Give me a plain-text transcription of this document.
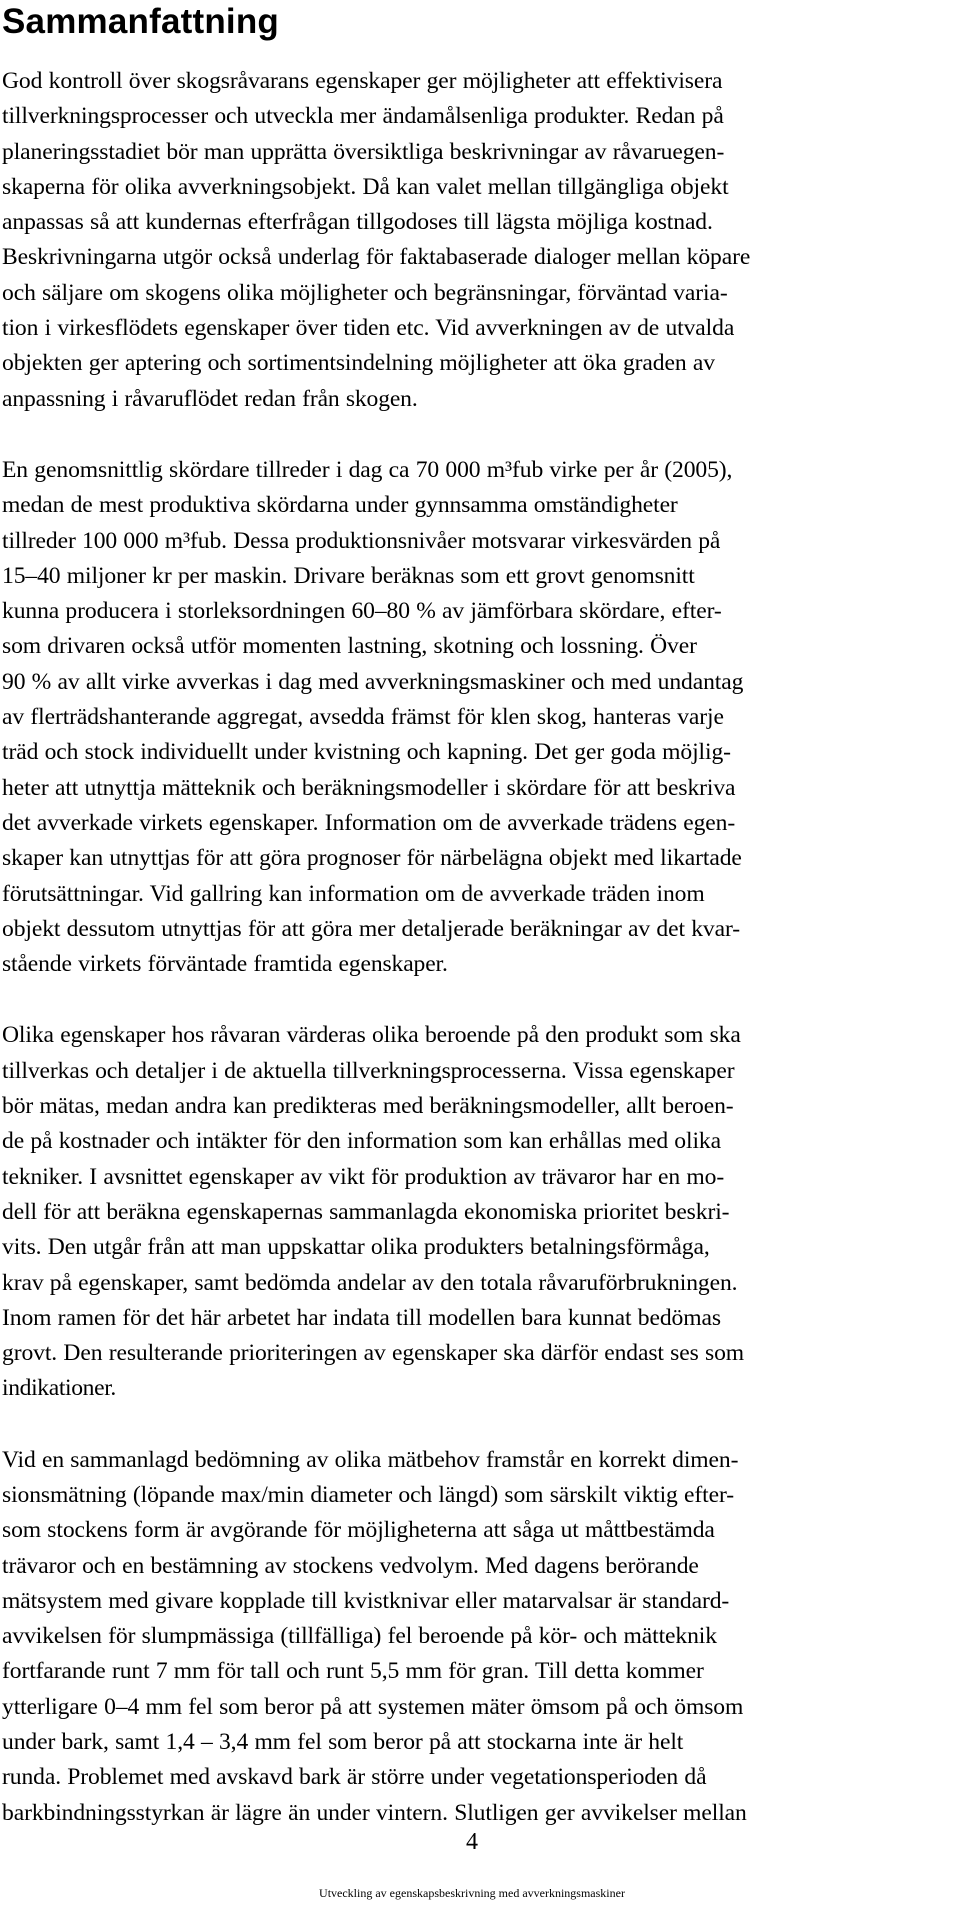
Sammanfattning

God kontroll över skogsråvarans egenskaper ger möjligheter att effektivisera
tillverkningsprocesser och utveckla mer ändamålsenliga produkter. Redan på
planeringsstadiet bör man upprätta översiktliga beskrivningar av råvaruegen-
skaperna för olika avverkningsobjekt. Då kan valet mellan tillgängliga objekt
anpassas så att kundernas efterfrågan tillgodoses till lägsta möjliga kostnad.
Beskrivningarna utgör också underlag för faktabaserade dialoger mellan köpare
och säljare om skogens olika möjligheter och begränsningar, förväntad varia-
tion i virkesflödets egenskaper över tiden etc. Vid avverkningen av de utvalda
objekten ger aptering och sortimentsindelning möjligheter att öka graden av
anpassning i råvaruflödet redan från skogen.

En genomsnittlig skördare tillreder i dag ca 70 000 m³fub virke per år (2005),
medan de mest produktiva skördarna under gynnsamma omständigheter
tillreder 100 000 m³fub. Dessa produktionsnivåer motsvarar virkesvärden på
15–40 miljoner kr per maskin. Drivare beräknas som ett grovt genomsnitt
kunna producera i storleksordningen 60–80 % av jämförbara skördare, efter-
som drivaren också utför momenten lastning, skotning och lossning. Över
90 % av allt virke avverkas i dag med avverkningsmaskiner och med undantag
av flerträdshanterande aggregat, avsedda främst för klen skog, hanteras varje
träd och stock individuellt under kvistning och kapning. Det ger goda möjlig-
heter att utnyttja mätteknik och beräkningsmodeller i skördare för att beskriva
det avverkade virkets egenskaper. Information om de avverkade trädens egen-
skaper kan utnyttjas för att göra prognoser för närbelägna objekt med likartade
förutsättningar. Vid gallring kan information om de avverkade träden inom
objekt dessutom utnyttjas för att göra mer detaljerade beräkningar av det kvar-
stående virkets förväntade framtida egenskaper.

Olika egenskaper hos råvaran värderas olika beroende på den produkt som ska
tillverkas och detaljer i de aktuella tillverkningsprocesserna. Vissa egenskaper
bör mätas, medan andra kan predikteras med beräkningsmodeller, allt beroen-
de på kostnader och intäkter för den information som kan erhållas med olika
tekniker. I avsnittet egenskaper av vikt för produktion av trävaror har en mo-
dell för att beräkna egenskapernas sammanlagda ekonomiska prioritet beskri-
vits. Den utgår från att man uppskattar olika produkters betalningsförmåga,
krav på egenskaper, samt bedömda andelar av den totala råvaruförbrukningen.
Inom ramen för det här arbetet har indata till modellen bara kunnat bedömas
grovt. Den resulterande prioriteringen av egenskaper ska därför endast ses som
indikationer.

Vid en sammanlagd bedömning av olika mätbehov framstår en korrekt dimen-
sionsmätning (löpande max/min diameter och längd) som särskilt viktig efter-
som stockens form är avgörande för möjligheterna att såga ut måttbestämda
trävaror och en bestämning av stockens vedvolym. Med dagens berörande
mätsystem med givare kopplade till kvistknivar eller matarvalsar är standard-
avvikelsen för slumpmässiga (tillfälliga) fel beroende på kör- och mätteknik
fortfarande runt 7 mm för tall och runt 5,5 mm för gran. Till detta kommer
ytterligare 0–4 mm fel som beror på att systemen mäter ömsom på och ömsom
under bark, samt 1,4 – 3,4 mm fel som beror på att stockarna inte är helt
runda. Problemet med avskavd bark är större under vegetationsperioden då
barkbindningsstyrkan är lägre än under vintern. Slutligen ger avvikelser mellan

4
Utveckling av egenskapsbeskrivning med avverkningsmaskiner
